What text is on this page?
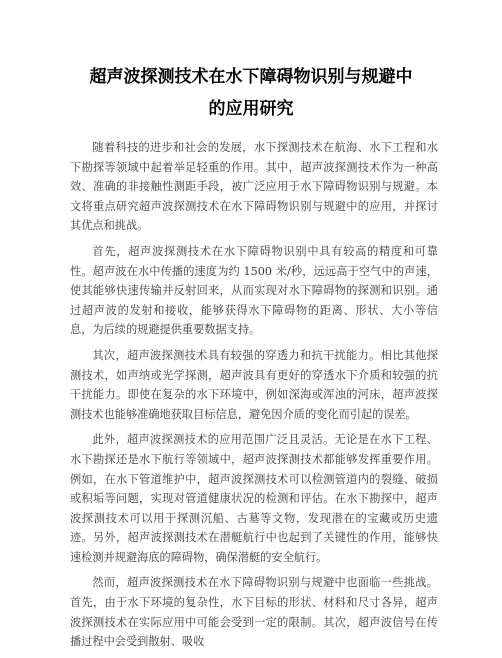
超声波探测技术在水下障碍物识别与规避中
的应用研究

随着科技的进步和社会的发展，水下探测技术在航海、水下工程和水下勘探等领域中起着举足轻重的作用。其中，超声波探测技术作为一种高效、准确的非接触性测距手段，被广泛应用于水下障碍物识别与规避。本文将重点研究超声波探测技术在水下障碍物识别与规避中的应用，并探讨其优点和挑战。

首先，超声波探测技术在水下障碍物识别中具有较高的精度和可靠性。超声波在水中传播的速度为约 1500 米/秒，远远高于空气中的声速，使其能够快速传输并反射回来，从而实现对水下障碍物的探测和识别。通过超声波的发射和接收，能够获得水下障碍物的距离、形状、大小等信息，为后续的规避提供重要数据支持。

其次，超声波探测技术具有较强的穿透力和抗干扰能力。相比其他探测技术，如声纳或光学探测，超声波具有更好的穿透水下介质和较强的抗干扰能力。即使在复杂的水下环境中，例如深海或浑浊的河床，超声波探测技术也能够准确地获取目标信息，避免因介质的变化而引起的误差。

此外，超声波探测技术的应用范围广泛且灵活。无论是在水下工程、水下勘探还是水下航行等领域中，超声波探测技术都能够发挥重要作用。例如，在水下管道维护中，超声波探测技术可以检测管道内的裂缝、破损或积垢等问题，实现对管道健康状况的检测和评估。在水下勘探中，超声波探测技术可以用于探测沉船、古墓等文物，发现潜在的宝藏或历史遗迹。另外，超声波探测技术在潜艇航行中也起到了关键性的作用，能够快速检测并规避海底的障碍物，确保潜艇的安全航行。

然而，超声波探测技术在水下障碍物识别与规避中也面临一些挑战。首先，由于水下环境的复杂性，水下目标的形状、材料和尺寸各异，超声波探测技术在实际应用中可能会受到一定的限制。其次，超声波信号在传播过程中会受到散射、吸收
